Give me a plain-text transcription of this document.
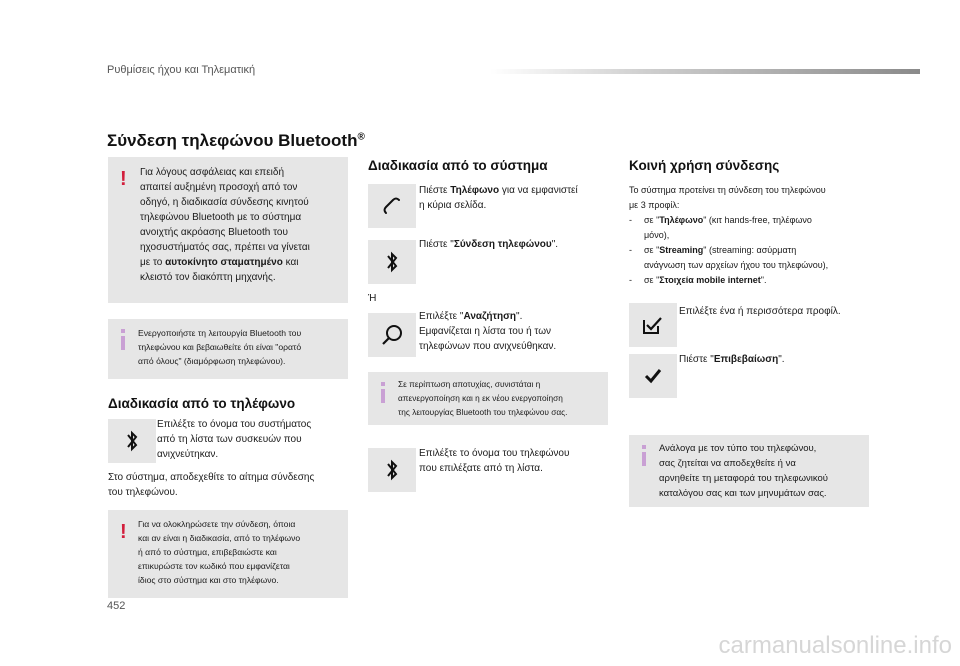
Ρυθμίσεις ήχου και Τηλεματική
Σύνδεση τηλεφώνου Bluetooth®
! Για λόγους ασφάλειας και επειδή
απαιτεί αυξημένη προσοχή από τον
οδηγό, η διαδικασία σύνδεσης κινητού
τηλεφώνου Bluetooth με το σύστημα
ανοιχτής ακρόασης Bluetooth του
ηχοσυστήματός σας, πρέπει να γίνεται
με το αυτοκίνητο σταματημένο και
κλειστό τον διακόπτη μηχανής.
Ενεργοποιήστε τη λειτουργία Bluetooth του
τηλεφώνου και βεβαιωθείτε ότι είναι "ορατό
από όλους" (διαμόρφωση τηλεφώνου).
Διαδικασία από το τηλέφωνο
Επιλέξτε το όνομα του συστήματος
από τη λίστα των συσκευών που
ανιχνεύτηκαν.
Στο σύστημα, αποδεχεθίτε το αίτημα σύνδεσης
του τηλεφώνου.
! Για να ολοκληρώσετε την σύνδεση, όποια
και αν είναι η διαδικασία, από το τηλέφωνο
ή από το σύστημα, επιβεβαιώστε και
επικυρώστε τον κωδικό που εμφανίζεται
ίδιος στο σύστημα και στο τηλέφωνο.
Διαδικασία από το σύστημα
Πιέστε Τηλέφωνο για να εμφανιστεί
η κύρια σελίδα.
Πιέστε "Σύνδεση τηλεφώνου".
Ή
Επιλέξτε "Αναζήτηση".
Εμφανίζεται η λίστα του ή των
τηλεφώνων που ανιχνεύθηκαν.
Σε περίπτωση αποτυχίας, συνιστάται η
απενεργοποίηση και η εκ νέου ενεργοποίηση
της λειτουργίας Bluetooth του τηλεφώνου σας.
Επιλέξτε το όνομα του τηλεφώνου
που επιλέξατε από τη λίστα.
Κοινή χρήση σύνδεσης
Το σύστημα προτείνει τη σύνδεση του τηλεφώνου
με 3 προφίλ:
- σε "Τηλέφωνο" (κιτ hands-free, τηλέφωνο
μόνο),
- σε "Streaming" (streaming: ασύρματη
ανάγνωση των αρχείων ήχου του τηλεφώνου),
- σε "Στοιχεία mobile internet".
Επιλέξτε ένα ή περισσότερα προφίλ.
Πιέστε "Επιβεβαίωση".
Ανάλογα με τον τύπο του τηλεφώνου,
σας ζητείται να αποδεχθείτε ή να
αρνηθείτε τη μεταφορά του τηλεφωνικού
καταλόγου σας και των μηνυμάτων σας.
452
carmanualsonline.info
